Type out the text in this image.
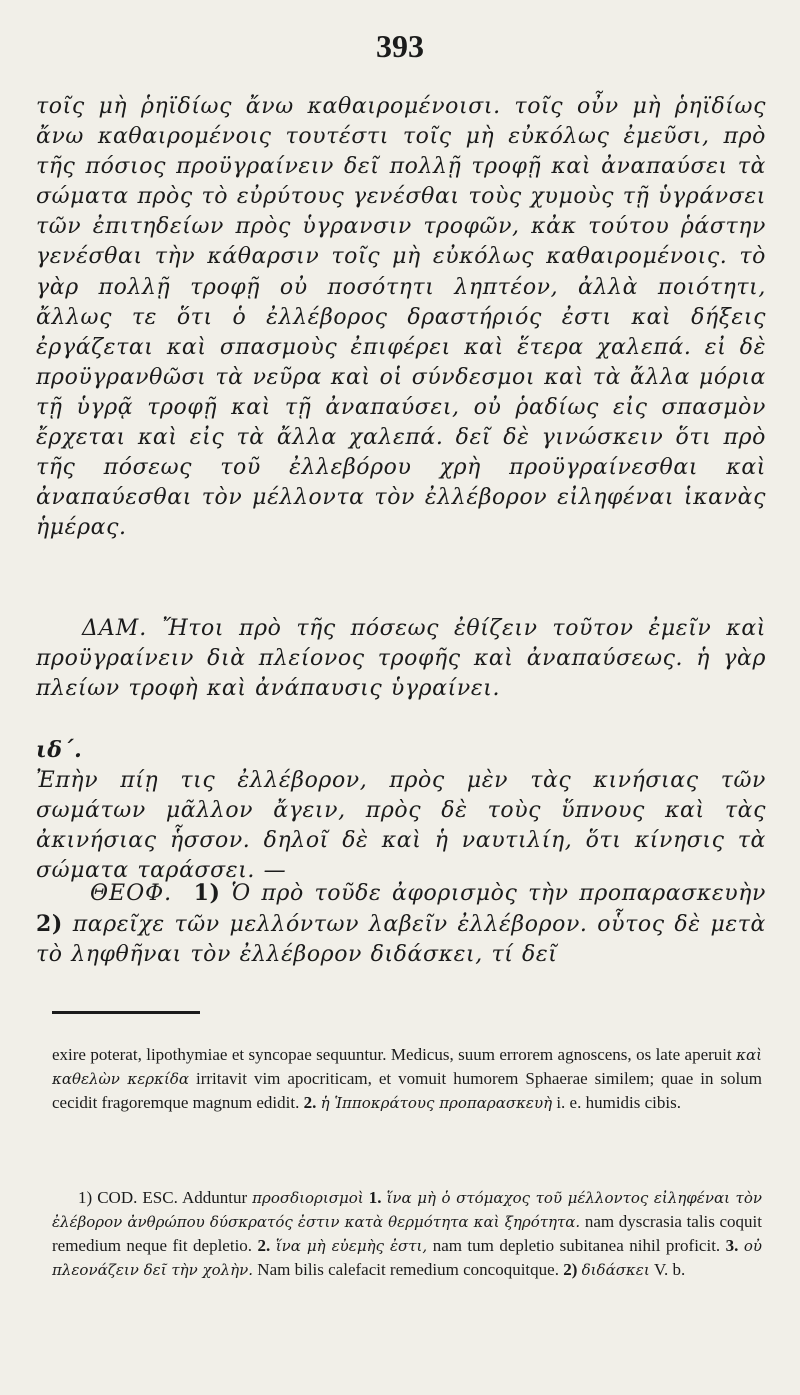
393

τοῖς μὴ ῥηϊδίως ἄνω καθαιρομένοισι. τοῖς οὖν μὴ ῥηϊδίως ἄνω καθαιρομένοις τουτέστι τοῖς μὴ εὐκόλως ἐμεῦσι, πρὸ τῆς πόσιος προϋγραίνειν δεῖ πολλῇ τροφῇ καὶ ἀναπαύσει τὰ σώματα πρὸς τὸ εὐρύτους γενέσθαι τοὺς χυμοὺς τῇ ὑγράνσει τῶν ἐπιτηδείων πρὸς ὑγρανσιν τροφῶν, κἀκ τούτου ῥάστην γενέσθαι τὴν κάθαρσιν τοῖς μὴ εὐκόλως καθαιρομένοις. τὸ γὰρ πολλῇ τροφῇ οὐ ποσότητι ληπτέον, ἀλλὰ ποιότητι, ἄλλως τε ὅτι ὁ ἐλλέβορος δραστήριός ἐστι καὶ δήξεις ἐργάζεται καὶ σπασμοὺς ἐπιφέρει καὶ ἕτερα χαλεπά. εἰ δὲ προϋγρανθῶσι τὰ νεῦρα καὶ οἱ σύνδεσμοι καὶ τὰ ἄλλα μόρια τῇ ὑγρᾷ τροφῇ καὶ τῇ ἀναπαύσει, οὐ ῥαδίως εἰς σπασμὸν ἔρχεται καὶ εἰς τὰ ἄλλα χαλεπά. δεῖ δὲ γινώσκειν ὅτι πρὸ τῆς πόσεως τοῦ ἐλλεβόρου χρὴ προϋγραίνεσθαι καὶ ἀναπαύεσθαι τὸν μέλλοντα τὸν ἐλλέβορον εἰληφέναι ἱκανὰς ἡμέρας.

ΔΑΜ. Ἤτοι πρὸ τῆς πόσεως ἐθίζειν τοῦτον ἐμεῖν καὶ προϋγραίνειν διὰ πλείονος τροφῆς καὶ ἀναπαύσεως. ἡ γὰρ πλείων τροφὴ καὶ ἀνάπαυσις ὑγραίνει.

ιδ΄.

Ἐπὴν πίῃ τις ἐλλέβορον, πρὸς μὲν τὰς κινήσιας τῶν σωμάτων μᾶλλον ἄγειν, πρὸς δὲ τοὺς ὕπνους καὶ τὰς ἀκινήσιας ἧσσον. δηλοῖ δὲ καὶ ἡ ναυτιλίη, ὅτι κίνησις τὰ σώματα ταράσσει. —

ΘΕΟΦ. 1) Ὁ πρὸ τοῦδε ἀφορισμὸς τὴν προπαρασκευὴν 2) παρεῖχε τῶν μελλόντων λαβεῖν ἐλλέβορον. οὗτος δὲ μετὰ τὸ ληφθῆναι τὸν ἐλλέβορον διδάσκει, τί δεῖ

exire poterat, lipothymiae et syncopae sequuntur. Medicus, suum errorem agnoscens, os late aperuit καὶ καθελὼν κερκίδα irritavit vim apocriticam, et vomuit humorem Sphaerae similem; quae in solum cecidit fragoremque magnum edidit. 2. ἡ Ἱπποκράτους προπαρασκευὴ i. e. humidis cibis.

1) COD. ESC. Adduntur προσδιορισμοὶ 1. ἵνα μὴ ὁ στόμαχος τοῦ μέλλοντος εἰληφέναι τὸν ἐλέβορον ἀνθρώπου δύσκρατός ἐστιν κατὰ θερμότητα καὶ ξηρότητα. nam dyscrasia talis coquit remedium neque fit depletio. 2. ἵνα μὴ εὐεμὴς ἐστι, nam tum depletio subitanea nihil proficit. 3. οὐ πλεονάζειν δεῖ τὴν χολὴν. Nam bilis calefacit remedium concoquitque. 2) διδάσκει V. b.
